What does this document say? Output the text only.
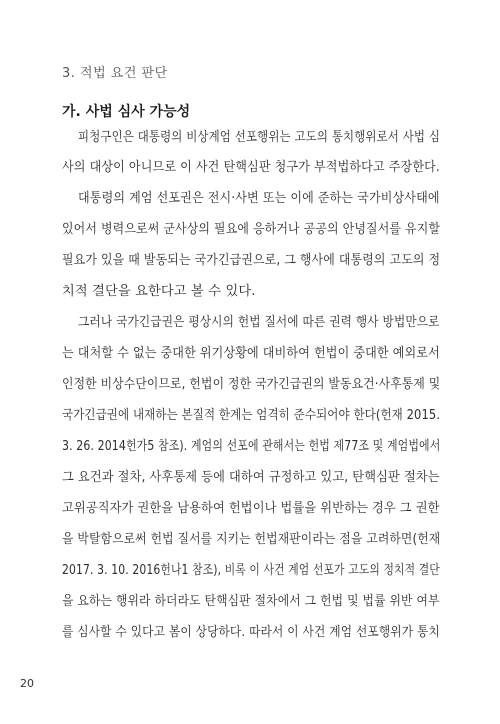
3. 적법 요건 판단
가. 사법 심사 가능성
피청구인은 대통령의 비상계엄 선포행위는 고도의 통치행위로서 사법 심
사의 대상이 아니므로 이 사건 탄핵심판 청구가 부적법하다고 주장한다.
대통령의 계엄 선포권은 전시·사변 또는 이에 준하는 국가비상사태에
있어서 병력으로써 군사상의 필요에 응하거나 공공의 안녕질서를 유지할
필요가 있을 때 발동되는 국가긴급권으로, 그 행사에 대통령의 고도의 정
치적 결단을 요한다고 볼 수 있다.
그러나 국가긴급권은 평상시의 헌법 질서에 따른 권력 행사 방법만으로
는 대처할 수 없는 중대한 위기상황에 대비하여 헌법이 중대한 예외로서
인정한 비상수단이므로, 헌법이 정한 국가긴급권의 발동요건·사후통제 및
국가긴급권에 내재하는 본질적 한계는 엄격히 준수되어야 한다(헌재 2015.
3. 26. 2014헌가5 참조). 계엄의 선포에 관해서는 헌법 제77조 및 계엄법에서
그 요건과 절차, 사후통제 등에 대하여 규정하고 있고, 탄핵심판 절차는
고위공직자가 권한을 남용하여 헌법이나 법률을 위반하는 경우 그 권한
을 박탈함으로써 헌법 질서를 지키는 헌법재판이라는 점을 고려하면(헌재
2017. 3. 10. 2016헌나1 참조), 비록 이 사건 계엄 선포가 고도의 정치적 결단
을 요하는 행위라 하더라도 탄핵심판 절차에서 그 헌법 및 법률 위반 여부
를 심사할 수 있다고 봄이 상당하다. 따라서 이 사건 계엄 선포행위가 통치
20
